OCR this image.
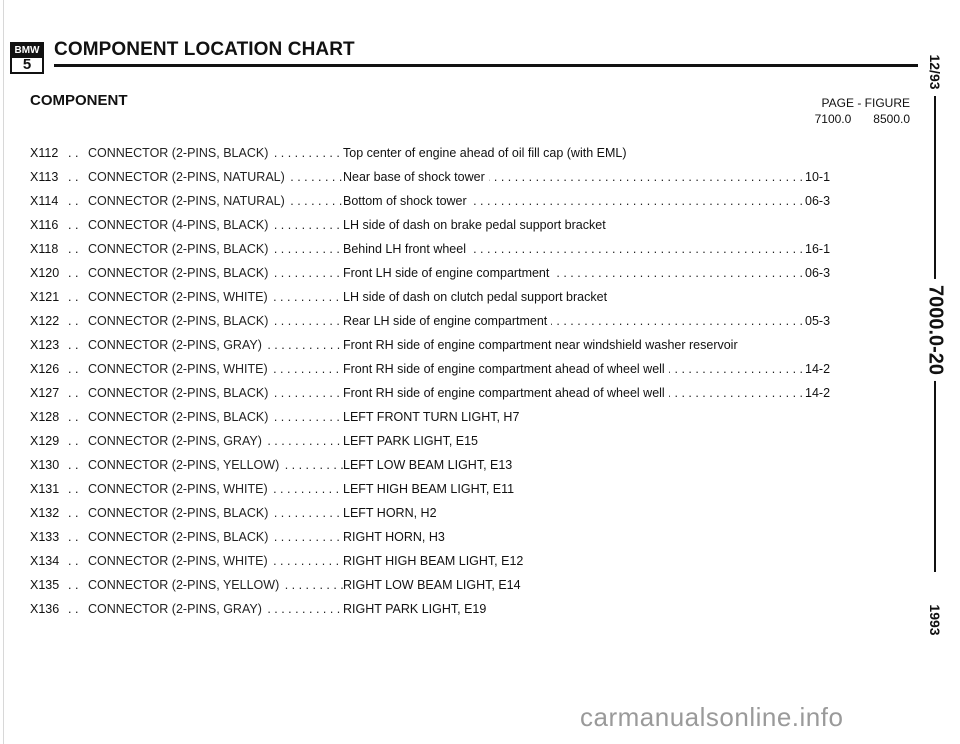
BMW
5
COMPONENT LOCATION CHART
COMPONENT	PAGE - FIGURE
7100.0 8500.0
X112 . . CONNECTOR (2-PINS, BLACK) . . .	Top center of engine ahead of oil fill cap (with EML)
X113 . . CONNECTOR (2-PINS, NATURAL) . . . . . .	Near base of shock tower	10-1
X114 . . CONNECTOR (2-PINS, NATURAL) . . . . . .	Bottom of shock tower	06-3
X116 . . CONNECTOR (4-PINS, BLACK) . . .	LH side of dash on brake pedal support bracket
X118 . . CONNECTOR (2-PINS, BLACK) . . . . . .	Behind LH front wheel	16-1
X120 . . CONNECTOR (2-PINS, BLACK) . . . . . .	Front LH side of engine compartment	06-3
X121 . . CONNECTOR (2-PINS, WHITE) . . .	LH side of dash on clutch pedal support bracket
X122 . . CONNECTOR (2-PINS, BLACK) . . . . . .	Rear LH side of engine compartment	05-3
X123 . . CONNECTOR (2-PINS, GRAY) . . .	Front RH side of engine compartment near windshield washer reservoir
X126 . . CONNECTOR (2-PINS, WHITE) . . . . . .	Front RH side of engine compartment ahead of wheel well	14-2
X127 . . CONNECTOR (2-PINS, BLACK) . . . . . .	Front RH side of engine compartment ahead of wheel well	14-2
X128 . . CONNECTOR (2-PINS, BLACK) . . .	LEFT FRONT TURN LIGHT, H7
X129 . . CONNECTOR (2-PINS, GRAY) . . .	LEFT PARK LIGHT, E15
X130 . . CONNECTOR (2-PINS, YELLOW) . . .	LEFT LOW BEAM LIGHT, E13
X131 . . CONNECTOR (2-PINS, WHITE) . . .	LEFT HIGH BEAM LIGHT, E11
X132 . . CONNECTOR (2-PINS, BLACK) . . .	LEFT HORN, H2
X133 . . CONNECTOR (2-PINS, BLACK) . . .	RIGHT HORN, H3
X134 . . CONNECTOR (2-PINS, WHITE) . . .	RIGHT HIGH BEAM LIGHT, E12
X135 . . CONNECTOR (2-PINS, YELLOW) . . .	RIGHT LOW BEAM LIGHT, E14
X136 . . CONNECTOR (2-PINS, GRAY) . . .	RIGHT PARK LIGHT, E19
12/93
7000.0-20
1993
carmanualsonline.info
